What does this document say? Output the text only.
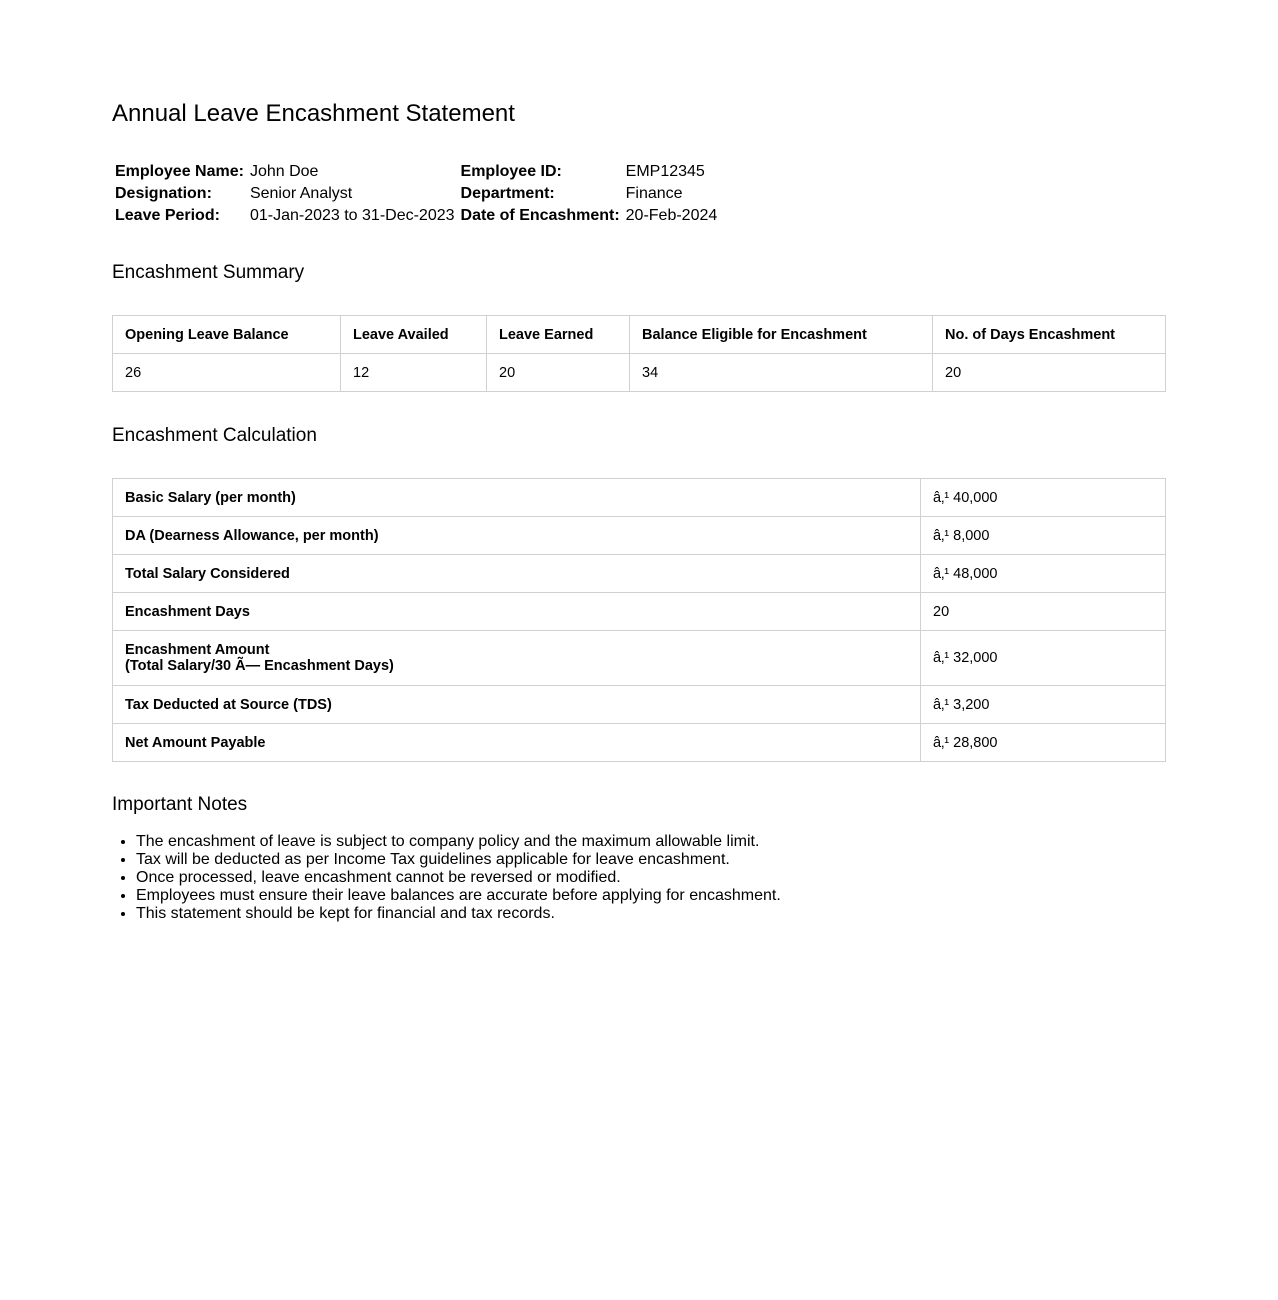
Annual Leave Encashment Statement
Employee Name:	John Doe	Employee ID:	EMP12345
Designation:	Senior Analyst	Department:	Finance
Leave Period:	01-Jan-2023 to 31-Dec-2023	Date of Encashment:	20-Feb-2024
Encashment Summary
Opening Leave Balance	Leave Availed	Leave Earned	Balance Eligible for Encashment	No. of Days Encashment
26	12	20	34	20
Encashment Calculation
Basic Salary (per month)	â‚¹ 40,000
DA (Dearness Allowance, per month)	â‚¹ 8,000
Total Salary Considered	â‚¹ 48,000
Encashment Days	20

Encashment Amount
(Total Salary/30 Ã— Encashment Days)	â‚¹ 32,000
Tax Deducted at Source (TDS)	â‚¹ 3,200
Net Amount Payable	â‚¹ 28,800
Important Notes
• The encashment of leave is subject to company policy and the maximum allowable limit.
• Tax will be deducted as per Income Tax guidelines applicable for leave encashment.
• Once processed, leave encashment cannot be reversed or modified.
• Employees must ensure their leave balances are accurate before applying for encashment.
• This statement should be kept for financial and tax records.
